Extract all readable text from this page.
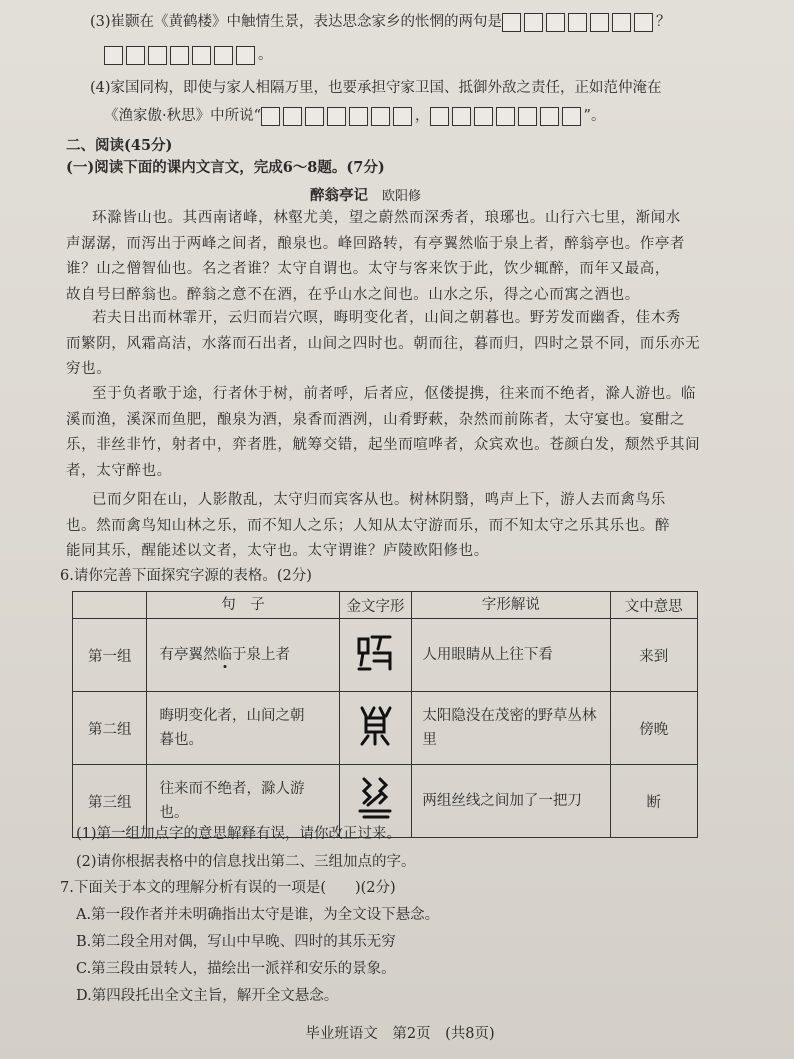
(3)崔颢在《黄鹤楼》中触情生景，表达思念家乡的怅惘的两句是	？
。
(4)家国同构，即使与家人相隔万里，也要承担守家卫国、抵御外敌之责任，正如范仲淹在
《渔家傲·秋思》中所说“	，	”。
二、阅读(45分)
(一)阅读下面的课内文言文，完成6～8题。(7分)
醉翁亭记 欧阳修
环滁皆山也。其西南诸峰，林壑尤美，望之蔚然而深秀者，琅琊也。山行六七里，渐闻水
声潺潺，而泻出于两峰之间者，酿泉也。峰回路转，有亭翼然临于泉上者，醉翁亭也。作亭者
谁？山之僧智仙也。名之者谁？太守自谓也。太守与客来饮于此，饮少辄醉，而年又最高，
故自号曰醉翁也。醉翁之意不在酒，在乎山水之间也。山水之乐，得之心而寓之酒也。
若夫日出而林霏开，云归而岩穴暝，晦明变化者，山间之朝暮也。野芳发而幽香，佳木秀
而繁阴，风霜高洁，水落而石出者，山间之四时也。朝而往，暮而归，四时之景不同，而乐亦无
穷也。
至于负者歌于途，行者休于树，前者呼，后者应，伛偻提携，往来而不绝者，滁人游也。临
溪而渔，溪深而鱼肥，酿泉为酒，泉香而酒洌，山肴野蔌，杂然而前陈者，太守宴也。宴酣之
乐，非丝非竹，射者中，弈者胜，觥筹交错，起坐而喧哗者，众宾欢也。苍颜白发，颓然乎其间
者，太守醉也。
已而夕阳在山，人影散乱，太守归而宾客从也。树林阴翳，鸣声上下，游人去而禽鸟乐
也。然而禽鸟知山林之乐，而不知人之乐；人知从太守游而乐，而不知太守之乐其乐也。醉
能同其乐，醒能述以文者，太守也。太守谓谁？庐陵欧阳修也。
6.请你完善下面探究字源的表格。(2分)
	句　子	金文字形	字形解说	文中意思
第一组	有亭翼然临于泉上者		人用眼睛从上往下看	来到
第二组	晦明变化者，山间之朝
暮也。		太阳隐没在茂密的野草丛林里	傍晚
第三组	往来而不绝者，滁人游
也。		两组丝线之间加了一把刀	断
(1)第一组加点字的意思解释有误，请你改正过来。
(2)请你根据表格中的信息找出第二、三组加点的字。
7.下面关于本文的理解分析有误的一项是(　　)(2分)
A.第一段作者并未明确指出太守是谁，为全文设下悬念。
B.第二段全用对偶，写山中早晚、四时的其乐无穷
C.第三段由景转人，描绘出一派祥和安乐的景象。
D.第四段托出全文主旨，解开全文悬念。
毕业班语文　第2页　(共8页)
